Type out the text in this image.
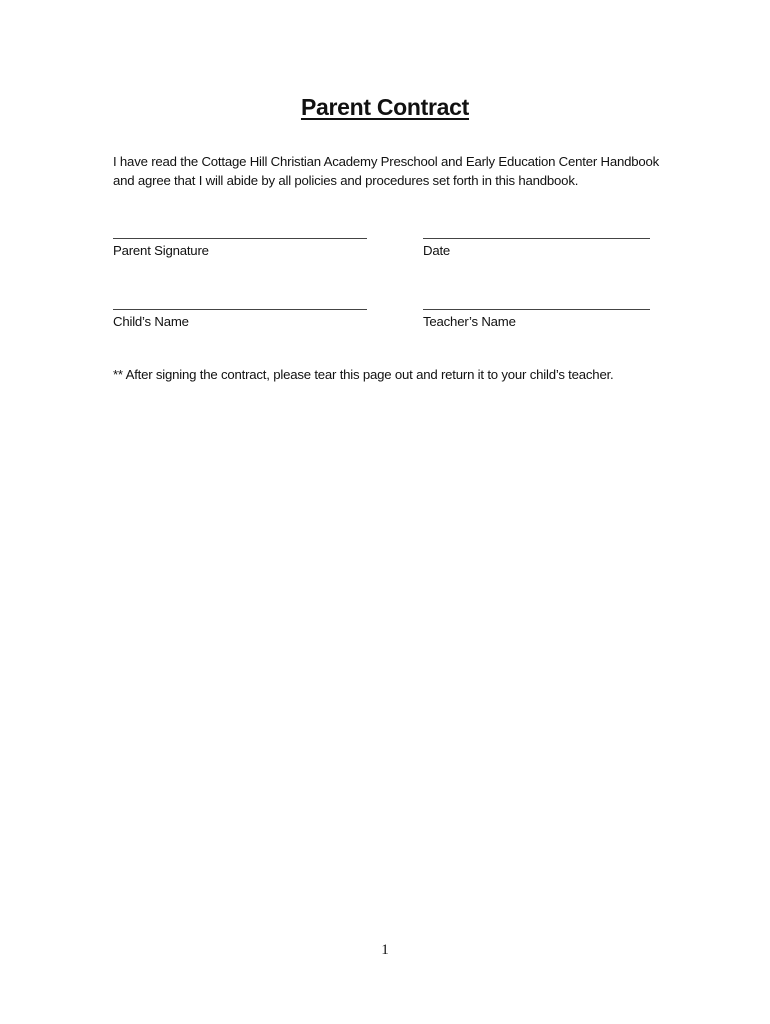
Parent Contract
I have read the Cottage Hill Christian Academy Preschool and Early Education Center Handbook
and agree that I will abide by all policies and procedures set forth in this handbook.
Parent Signature	Date
Child’s Name	Teacher’s Name
** After signing the contract, please tear this page out and return it to your child’s teacher.
1
